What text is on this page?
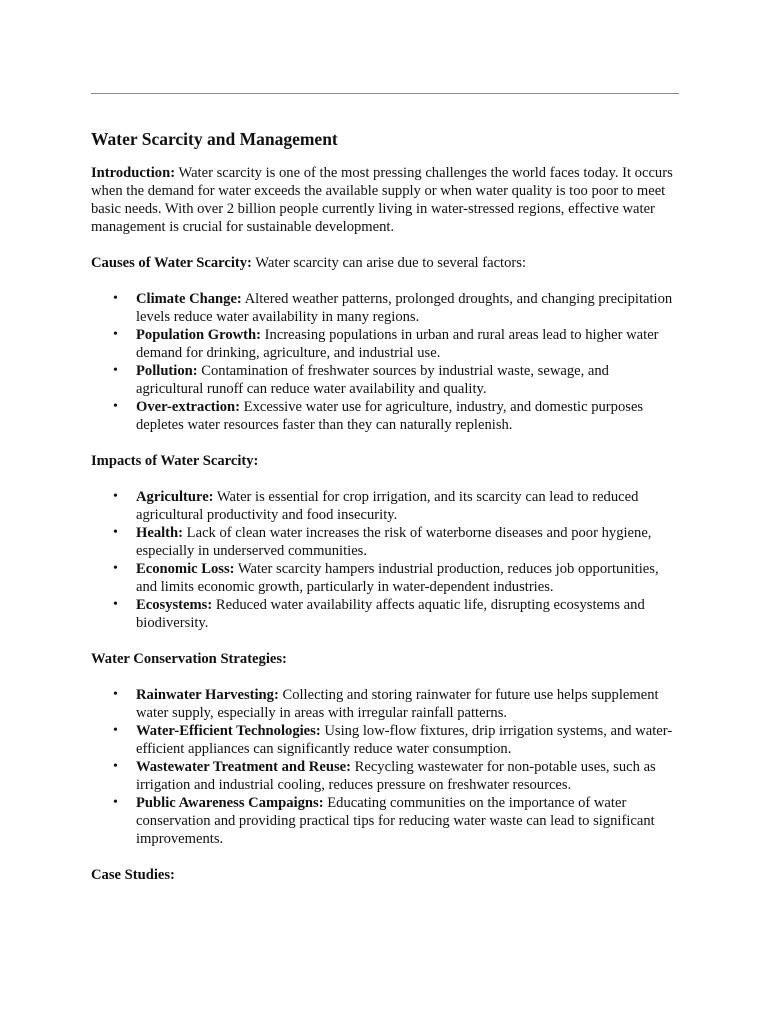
Water Scarcity and Management

Introduction: Water scarcity is one of the most pressing challenges the world faces today. It occurs when the demand for water exceeds the available supply or when water quality is too poor to meet basic needs. With over 2 billion people currently living in water-stressed regions, effective water management is crucial for sustainable development.

Causes of Water Scarcity: Water scarcity can arise due to several factors:

• Climate Change: Altered weather patterns, prolonged droughts, and changing precipitation levels reduce water availability in many regions.
• Population Growth: Increasing populations in urban and rural areas lead to higher water demand for drinking, agriculture, and industrial use.
• Pollution: Contamination of freshwater sources by industrial waste, sewage, and agricultural runoff can reduce water availability and quality.
• Over-extraction: Excessive water use for agriculture, industry, and domestic purposes depletes water resources faster than they can naturally replenish.

Impacts of Water Scarcity:

• Agriculture: Water is essential for crop irrigation, and its scarcity can lead to reduced agricultural productivity and food insecurity.
• Health: Lack of clean water increases the risk of waterborne diseases and poor hygiene, especially in underserved communities.
• Economic Loss: Water scarcity hampers industrial production, reduces job opportunities, and limits economic growth, particularly in water-dependent industries.
• Ecosystems: Reduced water availability affects aquatic life, disrupting ecosystems and biodiversity.

Water Conservation Strategies:

• Rainwater Harvesting: Collecting and storing rainwater for future use helps supplement water supply, especially in areas with irregular rainfall patterns.
• Water-Efficient Technologies: Using low-flow fixtures, drip irrigation systems, and water-efficient appliances can significantly reduce water consumption.
• Wastewater Treatment and Reuse: Recycling wastewater for non-potable uses, such as irrigation and industrial cooling, reduces pressure on freshwater resources.
• Public Awareness Campaigns: Educating communities on the importance of water conservation and providing practical tips for reducing water waste can lead to significant improvements.

Case Studies:
